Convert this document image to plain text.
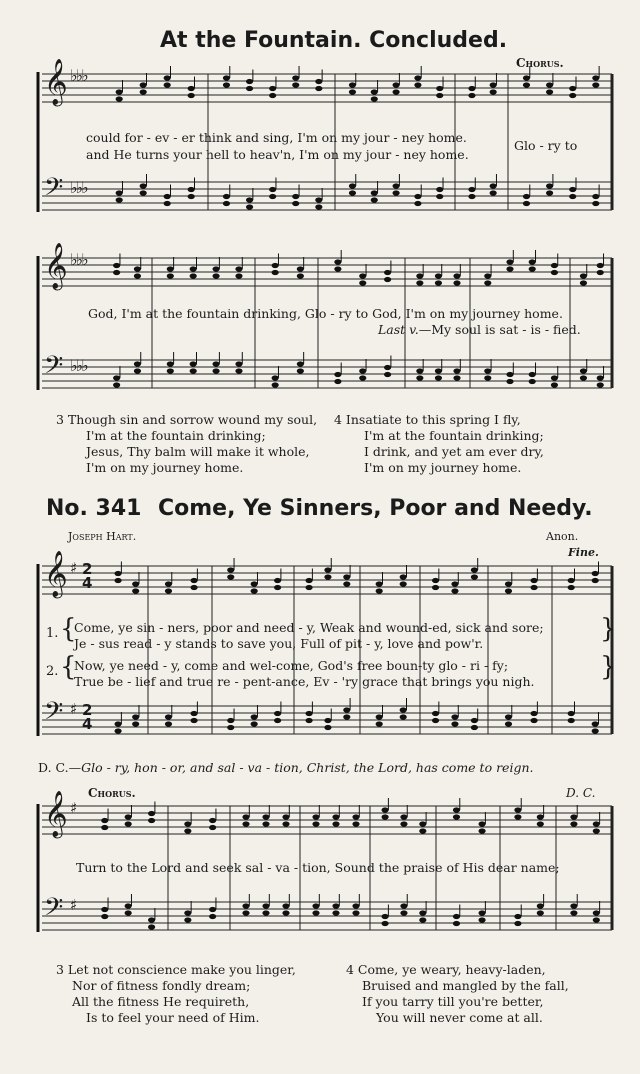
At the Fountain. Concluded.
Chorus.
𝄞
𝄢
𝄞
𝄢
𝄞
𝄢
𝄞
𝄢
♭♭♭
♭♭♭
♭♭♭
♭♭♭
♯
♯
♯
♯
2
4
2
4
could for - ev - er think and sing, I'm on my jour - ney home.
and He turns your hell to heav'n, I'm on my jour - ney home.
Glo - ry to
God, I'm at the fountain drinking, Glo - ry to God, I'm on my journey home.
Last v.—My soul is sat - is - fied.
3 Though sin and sorrow wound my soul,
I'm at the fountain drinking;
Jesus, Thy balm will make it whole,
I'm on my journey home.
4 Insatiate to this spring I fly,
I'm at the fountain drinking;
I drink, and yet am ever dry,
I'm on my journey home.
No. 341 Come, Ye Sinners, Poor and Needy.
Joseph Hart.	Anon.
Fine.
1.
2.
{
{
}
}
Come, ye sin - ners, poor and need - y, Weak and wound-ed, sick and sore;
Je - sus read - y stands to save you, Full of pit - y, love and pow'r.
Now, ye need - y, come and wel-come, God's free boun-ty glo - ri - fy;
True be - lief and true re - pent-ance, Ev - 'ry grace that brings you nigh.
D. C.—Glo - ry, hon - or, and sal - va - tion, Christ, the Lord, has come to reign.
Chorus.	D. C.
Turn to the Lord and seek sal - va - tion, Sound the praise of His dear name;
3 Let not conscience make you linger,
Nor of fitness fondly dream;
All the fitness He requireth,
Is to feel your need of Him.
4 Come, ye weary, heavy-laden,
Bruised and mangled by the fall,
If you tarry till you're better,
You will never come at all.
